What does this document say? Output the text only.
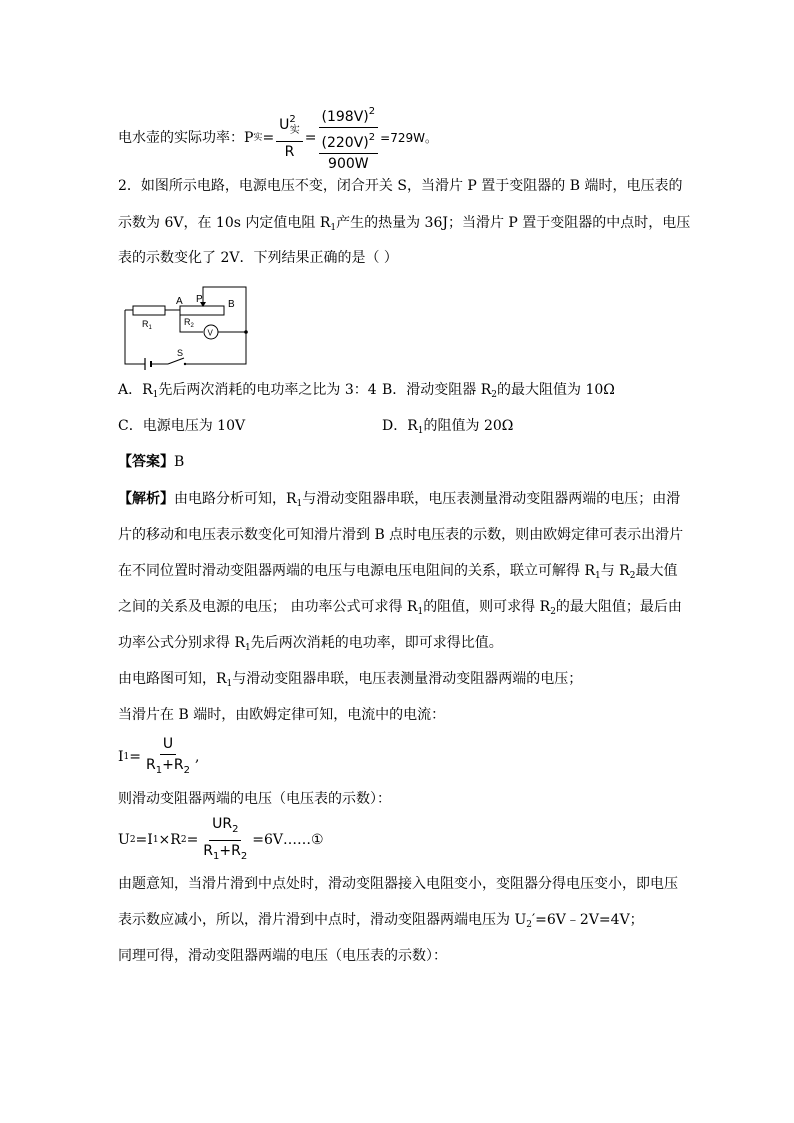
电水壶的实际功率：P 实 = $\frac{U^2_实}{R} = (198V)^2$
$(220V)^2$
900W =729W。
2．如图所示电路，电源电压不变，闭合开关 S，当滑片 P 置于变阻器的 B 端时，电压表的
示数为 6V，在 10s 内定值电阻 $R_1$产生的热量为 36J；当滑片 P 置于变阻器的中点时，电压
表的示数变化了 2V．下列结果正确的是（ ）
A P	B
$R_1$
$R_2$
V
S
A．$R_1$先后两次消耗的电功率之比为 3：4 B．滑动变阻器 $R_2$的最大阻值为 10Ω
C．电源电压为 10V	D．$R_1$的阻值为 20Ω
【答案】B
【解析】由电路分析可知，$R_1$与滑动变阻器串联，电压表测量滑动变阻器两端的电压；由滑
片的移动和电压表示数变化可知滑片滑到 B 点时电压表的示数，则由欧姆定律可表示出滑片
在不同位置时滑动变阻器两端的电压与电源电压电阻间的关系，联立可解得 $R_1$与 $R_2$最大值
之间的关系及电源的电压； 由功率公式可求得 $R_1$的阻值，则可求得 $R_2$的最大阻值；最后由
功率公式分别求得 $R_1$先后两次消耗的电功率，即可求得比值。
由电路图可知，$R_1$与滑动变阻器串联，电压表测量滑动变阻器两端的电压；
当滑片在 B 端时，由欧姆定律可知，电流中的电流：
I $1 = \frac{U}{R_1+R_2}$ ,
则滑动变阻器两端的电压（电压表的示数）：
U 2 =I 1 ×R $2 = \frac{UR_2}{R_1+R_2}$ =6V……①
由题意知，当滑片滑到中点处时，滑动变阻器接入电阻变小，变阻器分得电压变小，即电压
表示数应减小，所以，滑片滑到中点时，滑动变阻器两端电压为 $U_2'=6V﹣2V=4V$；
同理可得，滑动变阻器两端的电压（电压表的示数）：
